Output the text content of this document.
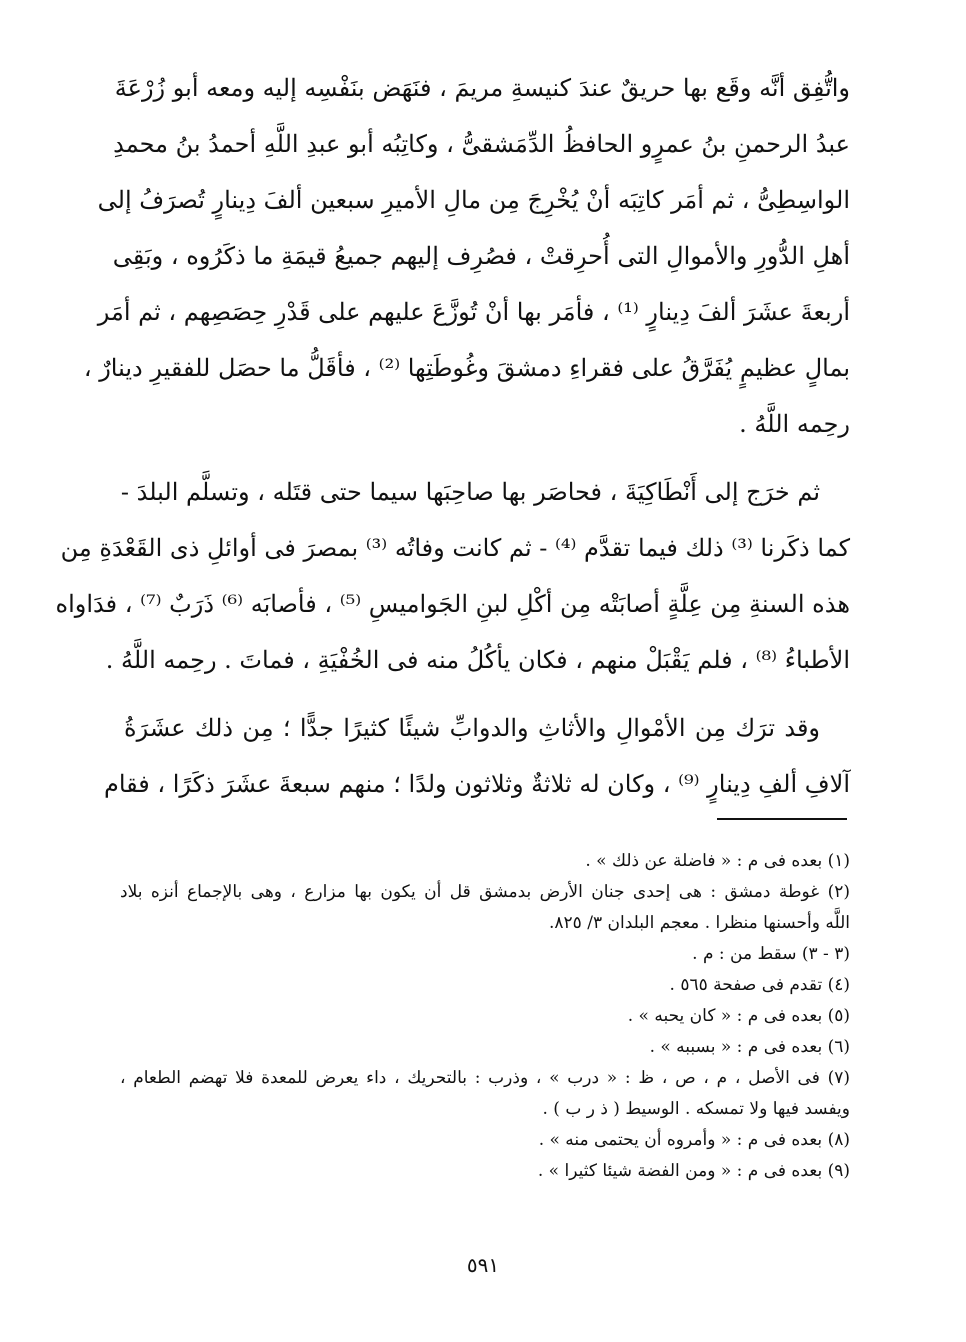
واتُّفِق أنَّه وقَع بها حريقٌ عندَ كنيسةِ مريمَ ، فنَهَض بنَفْسِه إليه ومعه أبو زُرْعَةَ
عبدُ الرحمنِ بنُ عمرٍو الحافظُ الدِّمَشقىُّ ، وكاتِبُه أبو عبدِ اللَّهِ أحمدُ بنُ محمدِ
الواسِطِىُّ ، ثم أمَر كاتِبَه أنْ يُخْرِجَ مِن مالِ الأميرِ سبعين ألفَ دِينارٍ تُصرَفُ إلى
أهلِ الدُّورِ والأموالِ التى أُحرِقتْ ، فصُرِف إليهم جميعُ قيمَةِ ما ذكَرُوه ، وبَقِى
أربعةَ عشَرَ ألفَ دِينارٍ ⁽¹⁾ ، فأمَر بها أنْ تُوزَّعَ عليهم على قَدْرِ حِصَصِهم ، ثم أمَر
بمالٍ عظيمٍ يُفَرَّقُ على فقراءِ دمشقَ وغُوطَتِها ⁽²⁾ ، فأقَلُّ ما حصَل للفقيرِ دينارٌ ،
رحِمه اللَّهُ .
ثم خرَج إلى أَنْطَاكِيَةَ ، فحاصَر بها صاحِبَها سيما حتى قتَله ، وتسلَّم البلدَ -
كما ذكَرنا ⁽³⁾ ذلك فيما تقدَّم ⁽⁴⁾ - ثم كانت وفاتُه ⁽³⁾ بمصرَ فى أوائلِ ذى القَعْدَةِ مِن
هذه السنةِ مِن عِلَّةٍ أصابَتْه مِن أكْلِ لبنِ الجَواميسِ ⁽⁵⁾ ، فأصابَه ⁽⁶⁾ ذَرَبٌ ⁽⁷⁾ ، فدَاواه
الأطباءُ ⁽⁸⁾ ، فلم يَقْبَلْ منهم ، فكان يأكُلُ منه فى الخُفْيَةِ ، فماتَ . رحِمه اللَّهُ .
وقد ترَك مِن الأمْوالِ والأثاثِ والدوابِّ شيئًا كثيرًا جدًّا ؛ مِن ذلك عشَرَةُ
آلافِ ألفِ دِينارٍ ⁽⁹⁾ ، وكان له ثلاثةٌ وثلاثون ولدًا ؛ منهم سبعةَ عشَرَ ذكَرًا ، فقام
(١) بعده فى م : « فاضلة عن ذلك » .
(٢) غوطة دمشق : هى إحدى جنان الأرض بدمشق قل أن يكون بها مزارع ، وهى بالإجماع أنزه بلاد
اللَّه وأحسنها منظرا . معجم البلدان ٣/ ٨٢٥.
(٣ - ٣) سقط من : م .
(٤) تقدم فى صفحة ٥٦٥ .
(٥) بعده فى م : « كان يحبه » .
(٦) بعده فى م : « بسببه » .
(٧) فى الأصل ، م ، ص ، ظ : « درب » ، وذرب : بالتحريك ، داء يعرض للمعدة فلا تهضم الطعام ،
ويفسد فيها ولا تمسكه . الوسيط ( ذ ر ب ) .
(٨) بعده فى م : « وأمروه أن يحتمى منه » .
(٩) بعده فى م : « ومن الفضة شيئا كثيرا » .
٥٩١
